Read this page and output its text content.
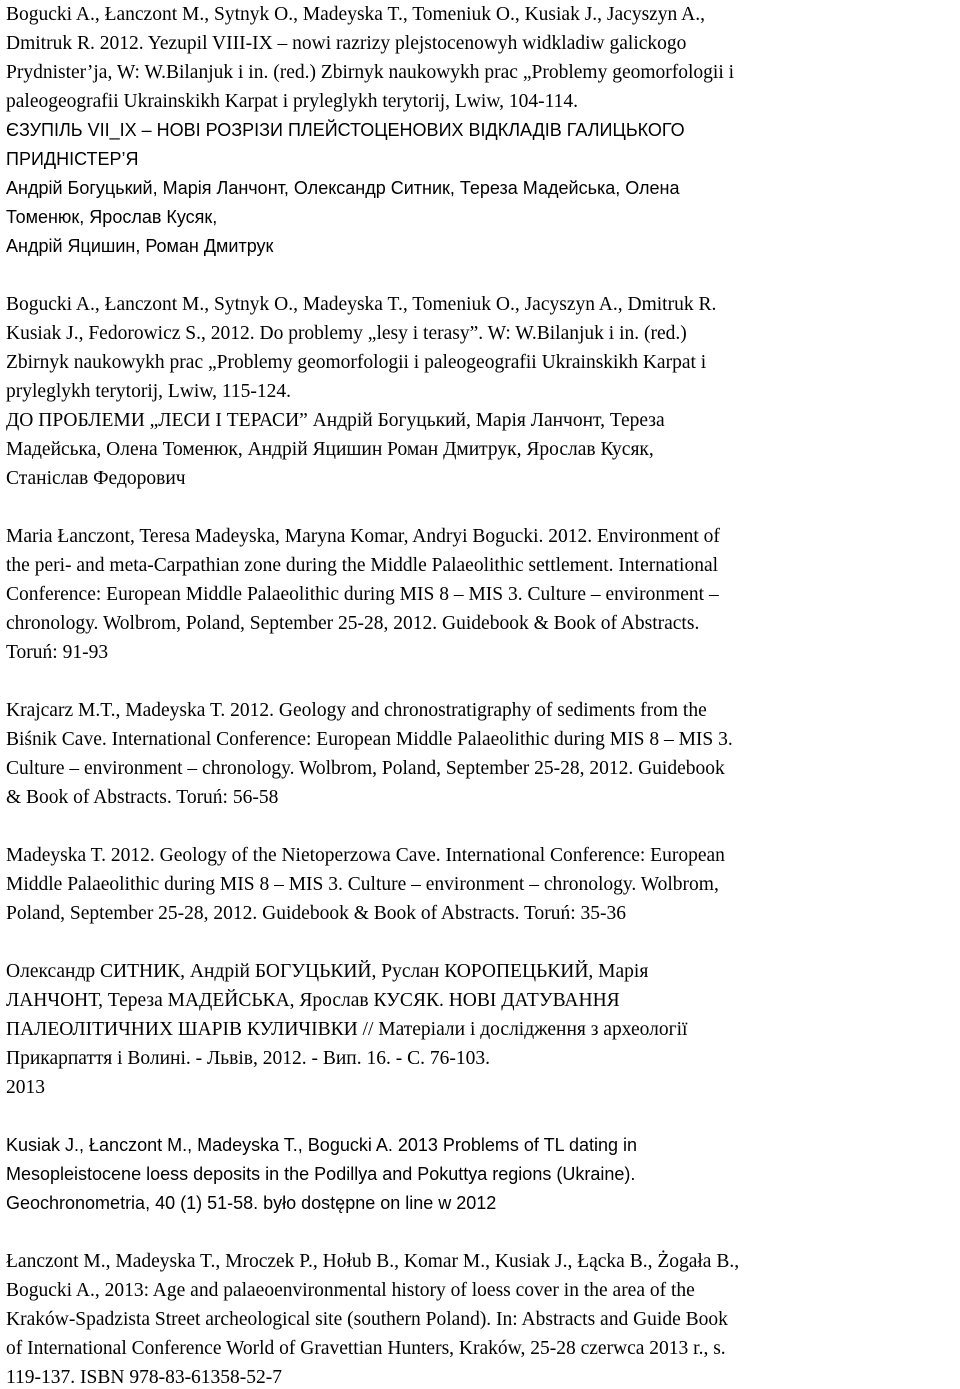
Bogucki A., Łanczont M., Sytnyk O., Madeyska T., Tomeniuk O., Kusiak J., Jacyszyn A.,
Dmitruk R. 2012. Yezupil VIII-IX – nowi razrizy plejstocenowyh widkladiw galickogo
Prydnister’ja, W: W.Bilanjuk i in. (red.) Zbirnyk naukowykh prac „Problemy geomorfologii i
paleogeografii Ukrainskikh Karpat i pryleglykh terytorij, Lwiw, 104-114.

ЄЗУПІЛЬ VII_IX – НОВІ РОЗРІЗИ ПЛЕЙСТОЦЕНОВИХ ВІДКЛАДІВ ГАЛИЦЬКОГО
ПРИДНІСТЕР’Я
Андрій Богуцький, Марія Ланчонт, Олександр Ситник, Тереза Мадейська, Олена
Томенюк, Ярослав Кусяк,
Андрій Яцишин, Роман Дмитрук

Bogucki A., Łanczont M., Sytnyk O., Madeyska T., Tomeniuk O., Jacyszyn A., Dmitruk R.
Kusiak J., Fedorowicz S., 2012. Do problemy „lesy i terasy”. W: W.Bilanjuk i in. (red.)
Zbirnyk naukowykh prac „Problemy geomorfologii i paleogeografii Ukrainskikh Karpat i
pryleglykh terytorij, Lwiw, 115-124.
ДО ПРОБЛЕМИ „ЛЕСИ І ТЕРАСИ” Андрій Богуцький, Марія Ланчонт, Тереза
Мадейська, Олена Томенюк, Андрій Яцишин Роман Дмитрук, Ярослав Кусяк,
Станіслав Федорович

Maria Łanczont, Teresa Madeyska, Maryna Komar, Andryi Bogucki. 2012. Environment of
the peri- and meta-Carpathian zone during the Middle Palaeolithic settlement. International
Conference: European Middle Palaeolithic during MIS 8 – MIS 3. Culture – environment –
chronology. Wolbrom, Poland, September 25-28, 2012. Guidebook & Book of Abstracts.
Toruń: 91-93

Krajcarz M.T., Madeyska T. 2012. Geology and chronostratigraphy of sediments from the
Biśnik Cave. International Conference: European Middle Palaeolithic during MIS 8 – MIS 3.
Culture – environment – chronology. Wolbrom, Poland, September 25-28, 2012. Guidebook
& Book of Abstracts. Toruń: 56-58

Madeyska T. 2012. Geology of the Nietoperzowa Cave. International Conference: European
Middle Palaeolithic during MIS 8 – MIS 3. Culture – environment – chronology. Wolbrom,
Poland, September 25-28, 2012. Guidebook & Book of Abstracts. Toruń: 35-36

Олександр СИТНИК, Андрій БОГУЦЬКИЙ, Руслан КОРОПЕЦЬКИЙ, Марія
ЛАНЧОНТ, Тереза МАДЕЙСЬКА, Ярослав КУСЯК. НОВІ ДАТУВАННЯ
ПАЛЕОЛІТИЧНИХ ШАРІВ КУЛИЧІВКИ // Матеріали і дослідження з археології
Прикарпаття і Волині. - Львів, 2012. - Вип. 16. - С. 76-103.
2013

Kusiak J., Łanczont M., Madeyska T., Bogucki A. 2013 Problems of TL dating in
Mesopleistocene loess deposits in the Podillya and Pokuttya regions (Ukraine).
Geochronometria, 40 (1) 51-58. było dostępne on line w 2012

Łanczont M., Madeyska T., Mroczek P., Hołub B., Komar M., Kusiak J., Łącka B., Żogała B.,
Bogucki A., 2013: Age and palaeoenvironmental history of loess cover in the area of the
Kraków-Spadzista Street archeological site (southern Poland). In: Abstracts and Guide Book
of International Conference World of Gravettian Hunters, Kraków, 25-28 czerwca 2013 r., s.
119-137. ISBN 978-83-61358-52-7
